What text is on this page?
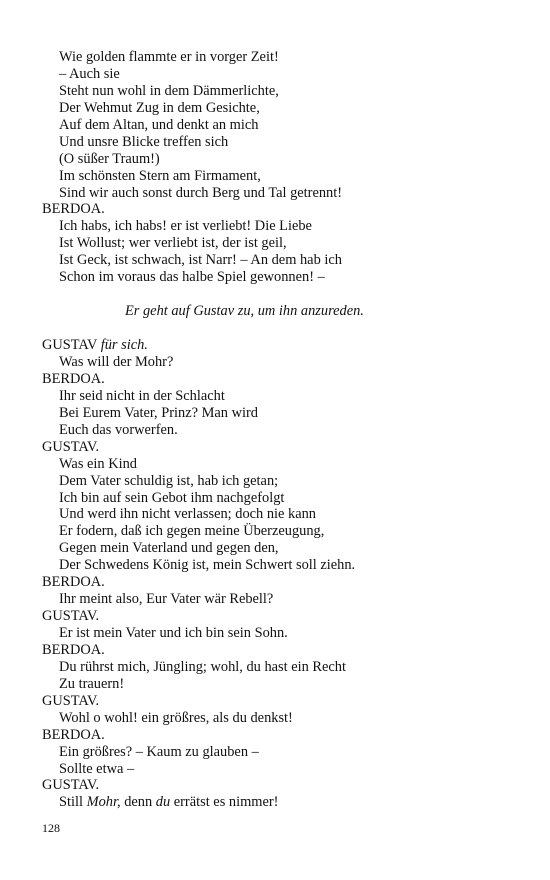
Wie golden flammte er in vorger Zeit!
– Auch sie
Steht nun wohl in dem Dämmerlichte,
Der Wehmut Zug in dem Gesichte,
Auf dem Altan, und denkt an mich
Und unsre Blicke treffen sich
(O süßer Traum!)
Im schönsten Stern am Firmament,
Sind wir auch sonst durch Berg und Tal getrennt!
BERDOA.
Ich habs, ich habs! er ist verliebt! Die Liebe
Ist Wollust; wer verliebt ist, der ist geil,
Ist Geck, ist schwach, ist Narr! – An dem hab ich
Schon im voraus das halbe Spiel gewonnen! –
Er geht auf Gustav zu, um ihn anzureden.
GUSTAV für sich.
Was will der Mohr?
BERDOA.
Ihr seid nicht in der Schlacht
Bei Eurem Vater, Prinz? Man wird
Euch das vorwerfen.
GUSTAV.
Was ein Kind
Dem Vater schuldig ist, hab ich getan;
Ich bin auf sein Gebot ihm nachgefolgt
Und werd ihn nicht verlassen; doch nie kann
Er fodern, daß ich gegen meine Überzeugung,
Gegen mein Vaterland und gegen den,
Der Schwedens König ist, mein Schwert soll ziehn.
BERDOA.
Ihr meint also, Eur Vater wär Rebell?
GUSTAV.
Er ist mein Vater und ich bin sein Sohn.
BERDOA.
Du rührst mich, Jüngling; wohl, du hast ein Recht
Zu trauern!
GUSTAV.
Wohl o wohl! ein größres, als du denkst!
BERDOA.
Ein größres? – Kaum zu glauben –
Sollte etwa –
GUSTAV.
Still Mohr, denn du errätst es nimmer!
128
